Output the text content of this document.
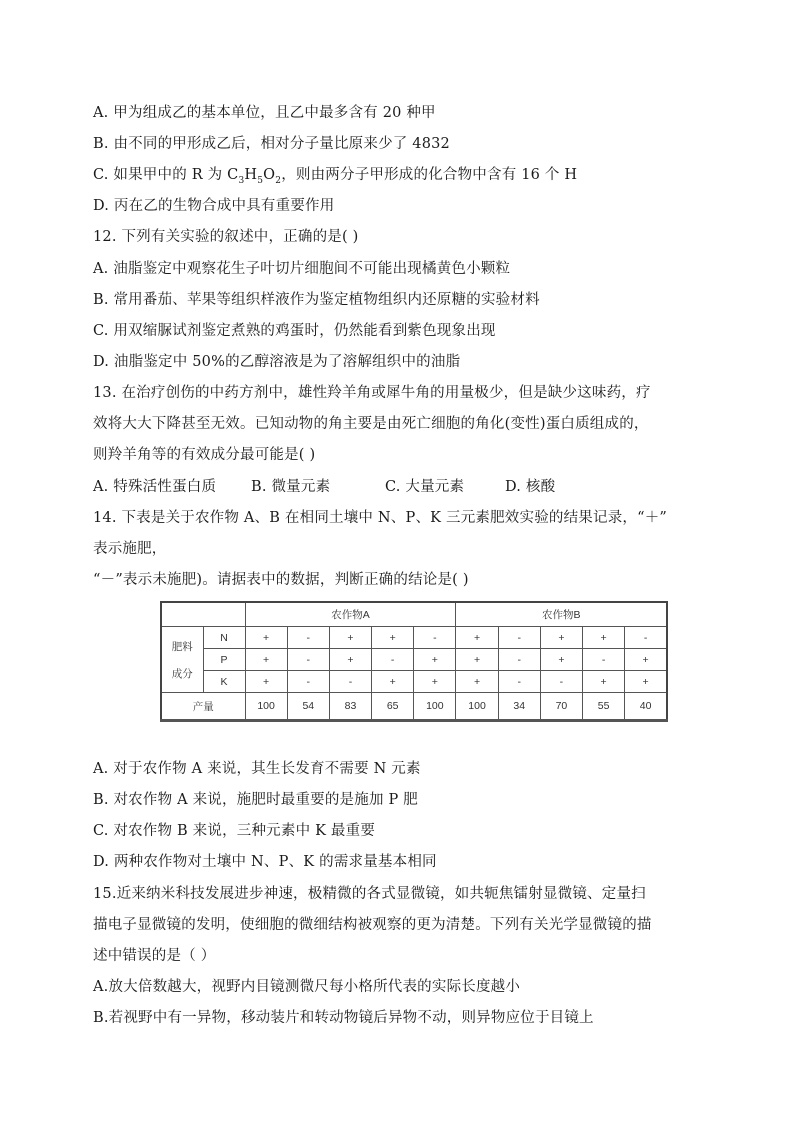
A. 甲为组成乙的基本单位，且乙中最多含有 20 种甲
B. 由不同的甲形成乙后，相对分子量比原来少了 4832
C. 如果甲中的 R 为 $C_3H_5O_2$，则由两分子甲形成的化合物中含有 16 个 H
D. 丙在乙的生物合成中具有重要作用
12. 下列有关实验的叙述中，正确的是( )
A. 油脂鉴定中观察花生子叶切片细胞间不可能出现橘黄色小颗粒
B. 常用番茄、苹果等组织样液作为鉴定植物组织内还原糖的实验材料
C. 用双缩脲试剂鉴定煮熟的鸡蛋时，仍然能看到紫色现象出现
D. 油脂鉴定中 50%的乙醇溶液是为了溶解组织中的油脂
13. 在治疗创伤的中药方剂中，雄性羚羊角或犀牛角的用量极少，但是缺少这味药，疗
效将大大下降甚至无效。已知动物的角主要是由死亡细胞的角化(变性)蛋白质组成的，
则羚羊角等的有效成分最可能是( )
A. 特殊活性蛋白质 B. 微量元素	C. 大量元素	D. 核酸
14. 下表是关于农作物 A、B 在相同土壤中 N、P、K 三元素肥效实验的结果记录，“＋”
表示施肥，
“－”表示未施肥)。请据表中的数据，判断正确的结论是( )
		农作物A					农作物B				
肥料

成分	N	+	-	+	+	-	+	-	+	+	-
	P	+	-	+	-	+	+	-	+	-	+
	K	+	-	-	+	+	+	-	-	+	+
产量		100	54	83	65	100	100	34	70	55	40
A. 对于农作物 A 来说，其生长发育不需要 N 元素
B. 对农作物 A 来说，施肥时最重要的是施加 P 肥
C. 对农作物 B 来说，三种元素中 K 最重要
D. 两种农作物对土壤中 N、P、K 的需求量基本相同
15.近来纳米科技发展进步神速，极精微的各式显微镜，如共轭焦镭射显微镜、定量扫
描电子显微镜的发明，使细胞的微细结构被观察的更为清楚。下列有关光学显微镜的描
述中错误的是（ ）
A.放大倍数越大，视野内目镜测微尺每小格所代表的实际长度越小
B.若视野中有一异物，移动装片和转动物镜后异物不动，则异物应位于目镜上
